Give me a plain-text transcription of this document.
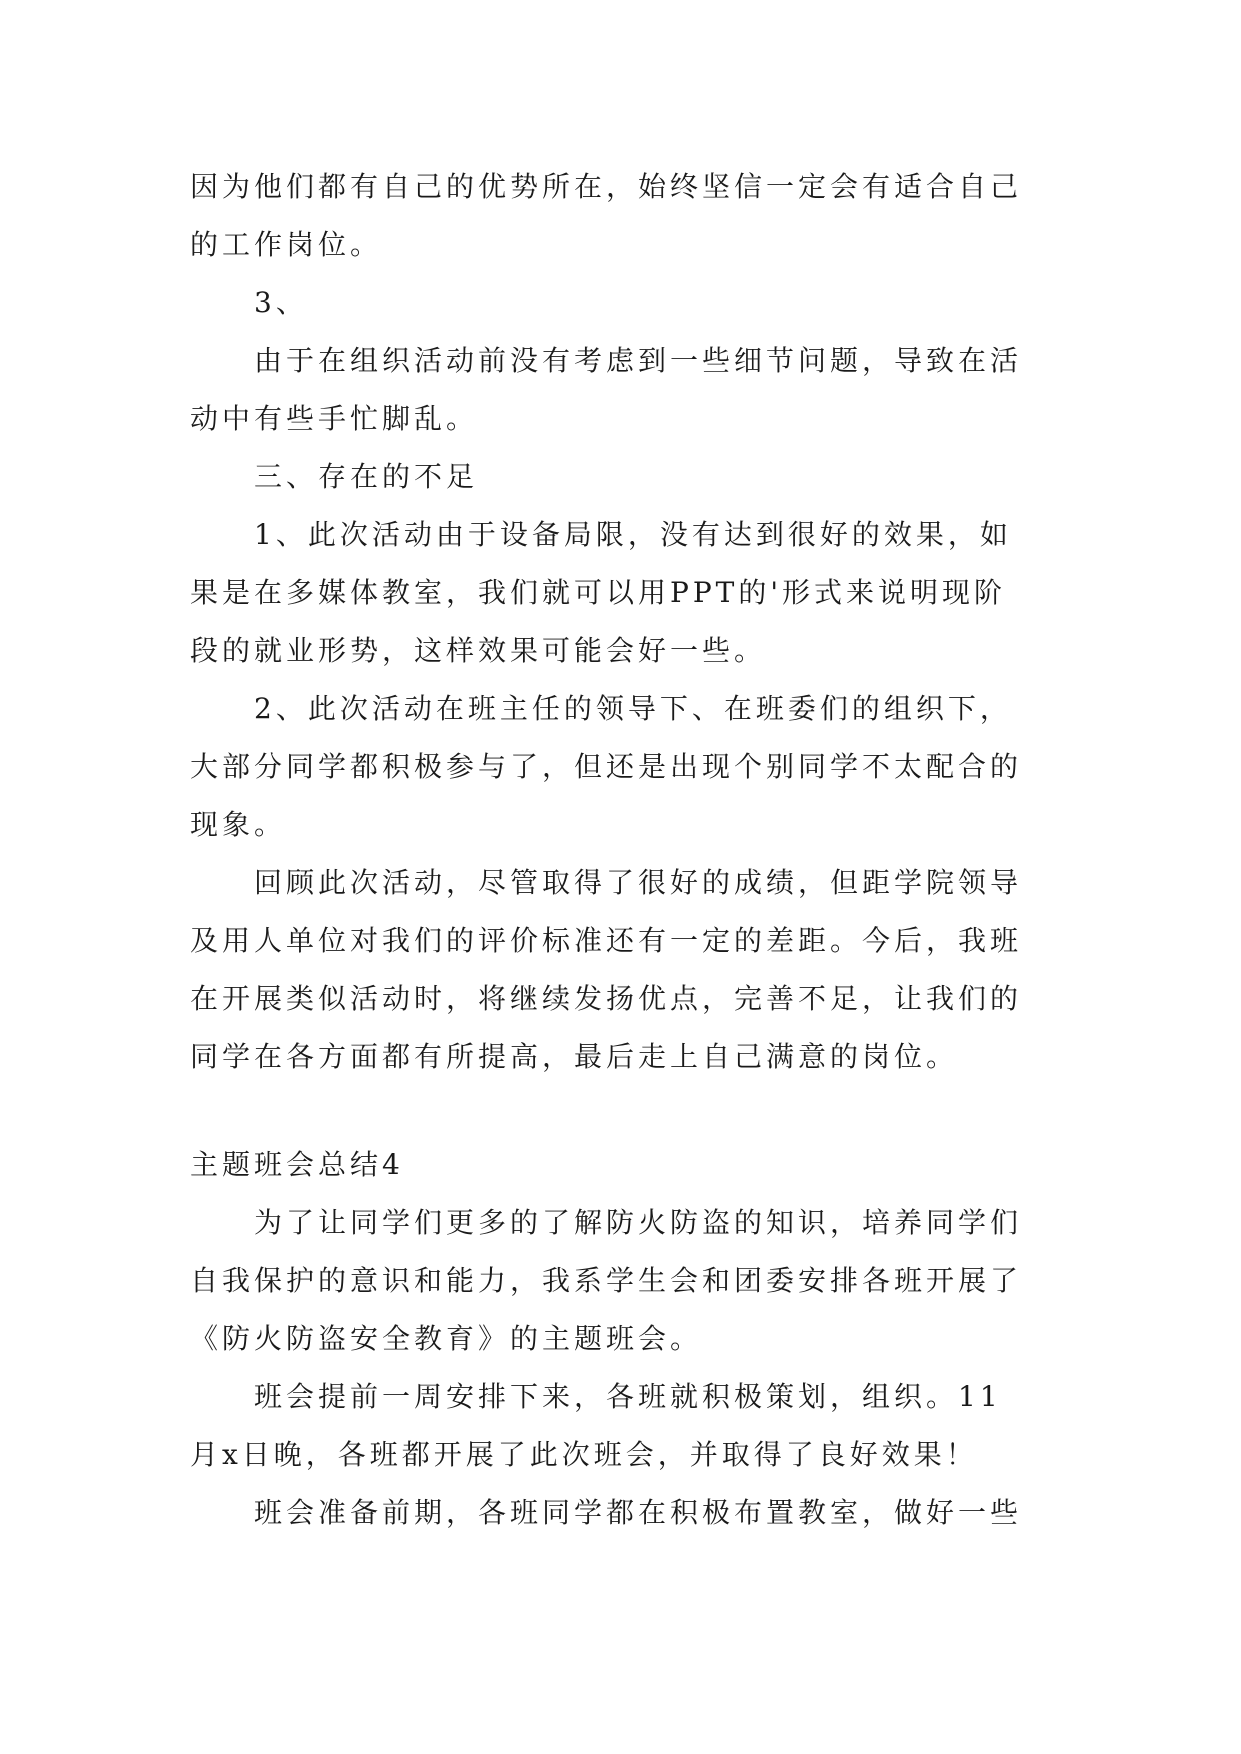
因为他们都有自己的优势所在，始终坚信一定会有适合自己
的工作岗位。
3、
由于在组织活动前没有考虑到一些细节问题，导致在活
动中有些手忙脚乱。
三、存在的不足
1、此次活动由于设备局限，没有达到很好的效果，如
果是在多媒体教室，我们就可以用PPT的'形式来说明现阶
段的就业形势，这样效果可能会好一些。
2、此次活动在班主任的领导下、在班委们的组织下，
大部分同学都积极参与了，但还是出现个别同学不太配合的
现象。
回顾此次活动，尽管取得了很好的成绩，但距学院领导
及用人单位对我们的评价标准还有一定的差距。今后，我班
在开展类似活动时，将继续发扬优点，完善不足，让我们的
同学在各方面都有所提高，最后走上自己满意的岗位。
主题班会总结4
为了让同学们更多的了解防火防盗的知识，培养同学们
自我保护的意识和能力，我系学生会和团委安排各班开展了
《防火防盗安全教育》的主题班会。
班会提前一周安排下来，各班就积极策划，组织。11
月x日晚，各班都开展了此次班会，并取得了良好效果！
班会准备前期，各班同学都在积极布置教室，做好一些
